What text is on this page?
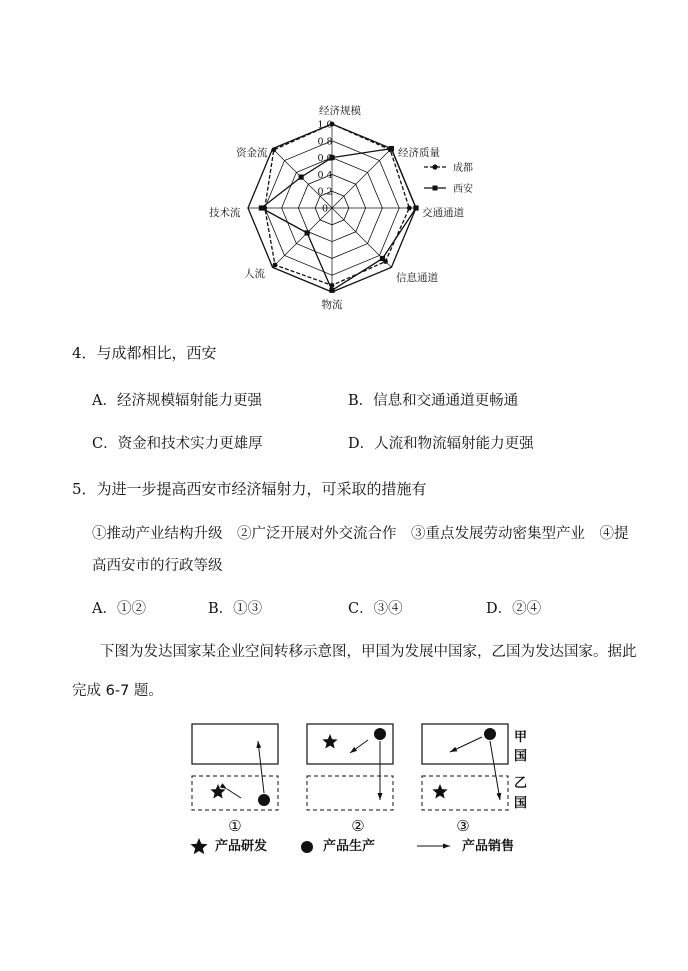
1.0
0.8
0.6
0.4
0.2
0
经济规模
经济质量
交通通道
信息通道
物流
人流
技术流
资金流
成都
西安
4．与成都相比，西安
A．经济规模辐射能力更强	B．信息和交通通道更畅通
C．资金和技术实力更雄厚	D．人流和物流辐射能力更强
5．为进一步提高西安市经济辐射力，可采取的措施有
①推动产业结构升级　②广泛开展对外交流合作　③重点发展劳动密集型产业　④提
高西安市的行政等级
A．①②	B．①③	C．③④	D．②④
下图为发达国家某企业空间转移示意图，甲国为发展中国家，乙国为发达国家。据此
完成 6-7 题。
甲
国
乙
国
①	②	③
产品研发	产品生产	产品销售
